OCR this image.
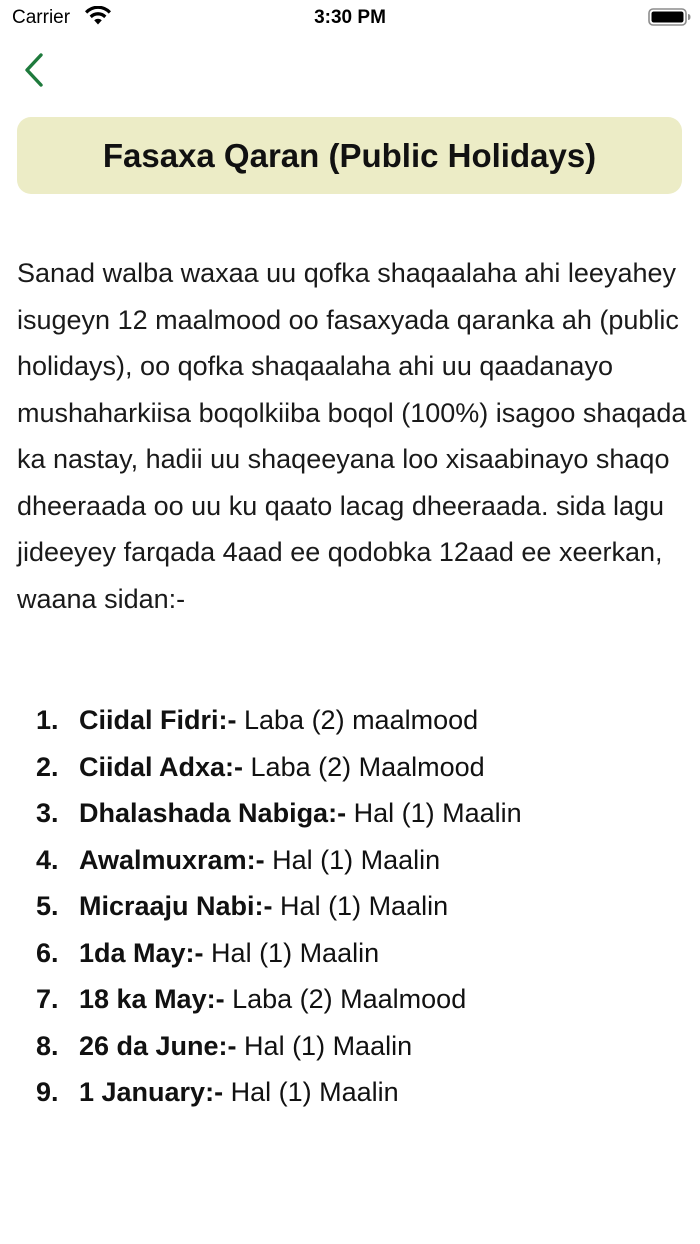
Carrier	3:30 PM
Fasaxa Qaran (Public Holidays)

Sanad walba waxaa uu qofka shaqaalaha ahi leeyahey isugeyn 12 maalmood oo fasaxyada qaranka ah (public holidays), oo qofka shaqaalaha ahi uu qaadanayo mushaharkiisa boqolkiiba boqol (100%) isagoo shaqada ka nastay, hadii uu shaqeeyana loo xisaabinayo shaqo dheeraada oo uu ku qaato lacag dheeraada. sida lagu jideeyey farqada 4aad ee qodobka 12aad ee xeerkan, waana sidan:-

1. Ciidal Fidri:- Laba (2) maalmood
2. Ciidal Adxa:- Laba (2) Maalmood
3. Dhalashada Nabiga:- Hal (1) Maalin
4. Awalmuxram:- Hal (1) Maalin
5. Micraaju Nabi:- Hal (1) Maalin
6. 1da May:- Hal (1) Maalin
7. 18 ka May:- Laba (2) Maalmood
8. 26 da June:- Hal (1) Maalin
9. 1 January:- Hal (1) Maalin
